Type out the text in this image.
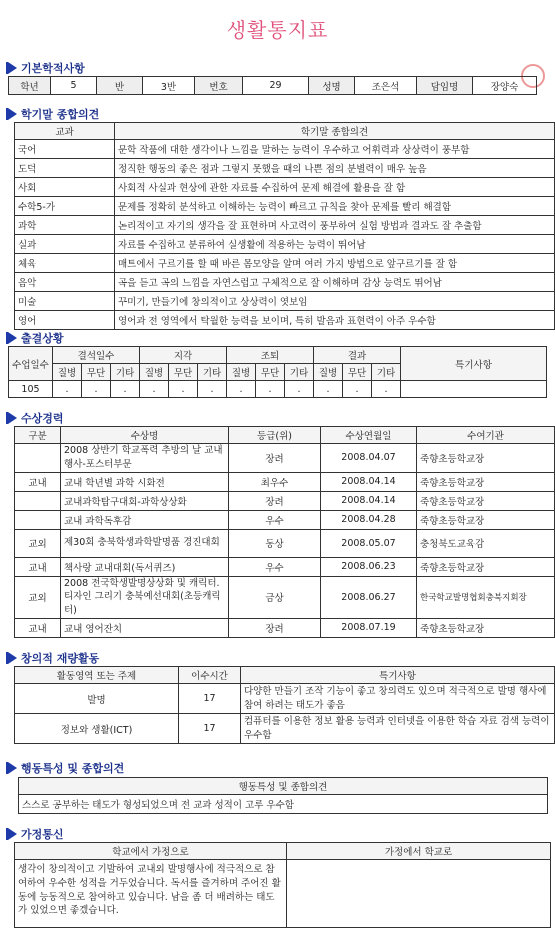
생활통지표
기본학적사항
학년	5	반	3반	번호	29	성명	조은석	담임명	장양숙
학기말 종합의견
교과	학기말 종합의견
국어	문학 작품에 대한 생각이나 느낌을 말하는 능력이 우수하고 어휘력과 상상력이 풍부함
도덕	정직한 행동의 좋은 점과 그렇지 못했을 때의 나쁜 점의 분별력이 매우 높음
사회	사회적 사실과 현상에 관한 자료를 수집하여 문제 해결에 활용을 잘 함
수학5-가	문제를 정확히 분석하고 이해하는 능력이 빠르고 규칙을 찾아 문제를 빨리 해결함
과학	논리적이고 자기의 생각을 잘 표현하며 사고력이 풍부하여 실험 방법과 결과도 잘 추출함
실과	자료를 수집하고 분류하여 실생활에 적용하는 능력이 뛰어남
체육	매트에서 구르기를 할 때 바른 몸모양을 알며 여러 가지 방법으로 앞구르기를 잘 함
음악	곡을 듣고 곡의 느낌을 자연스럽고 구체적으로 잘 이해하며 감상 능력도 뛰어남
미술	꾸미기, 만들기에 창의적이고 상상력이 엿보임
영어	영어과 전 영역에서 탁월한 능력을 보이며, 특히 발음과 표현력이 아주 우수함
출결상황
수업일수	결석일수			지각			조퇴			결과			특기사항
	질병	무단	기타	질병	무단	기타	질병	무단	기타	질병	무단	기타	
105	.	.	.	.	.	.	.	.	.	.	.	.	
수상경력
구분	수상명	등급(위)	수상연월일	수여기관
	2008 상반기 학교폭력 추방의 날 교내행사-포스터부문	장려	2008.04.07	죽향초등학교장
교내	교내 학년별 과학 시화전	최우수	2008.04.14	죽향초등학교장
	교내과학탐구대회-과학상상화	장려	2008.04.14	죽향초등학교장
	교내 과학독후감	우수	2008.04.28	죽향초등학교장
교외	제30회 충북학생과학발명품 경진대회	동상	2008.05.07	충청북도교육감
교내	책사랑 교내대회(독서퀴즈)	우수	2008.06.23	죽향초등학교장
교외	2008 전국학생발명상상화 및 캐릭터.티자인 그리기 충북예선대회(초등캐릭터)	금상	2008.06.27	한국학교발명협회충북지회장
교내	교내 영어잔치	장려	2008.07.19	죽향초등학교장
창의적 재량활동
활동영역 또는 주제	이수시간	특기사항
발명	17	다양한 만들기 조작 기능이 좋고 창의력도 있으며 적극적으로 발명 행사에 참여 하려는 태도가 좋음
정보와 생활(ICT)	17	컴퓨터를 이용한 정보 활용 능력과 인터넷을 이용한 학습 자료 검색 능력이 우수함
행동특성 및 종합의견
행동특성 및 종합의견
스스로 공부하는 태도가 형성되었으며 전 교과 성적이 고루 우수함
가정통신
학교에서 가정으로	가정에서 학교로
생각이 창의적이고 기발하여 교내외 발명행사에 적극적으로 참여하여 우수한 성적을 거두었습니다. 독서를 즐겨하며 주어진 활동에 능동적으로 참여하고 있습니다. 남을 좀 더 배려하는 태도가 있었으면 좋겠습니다.	
